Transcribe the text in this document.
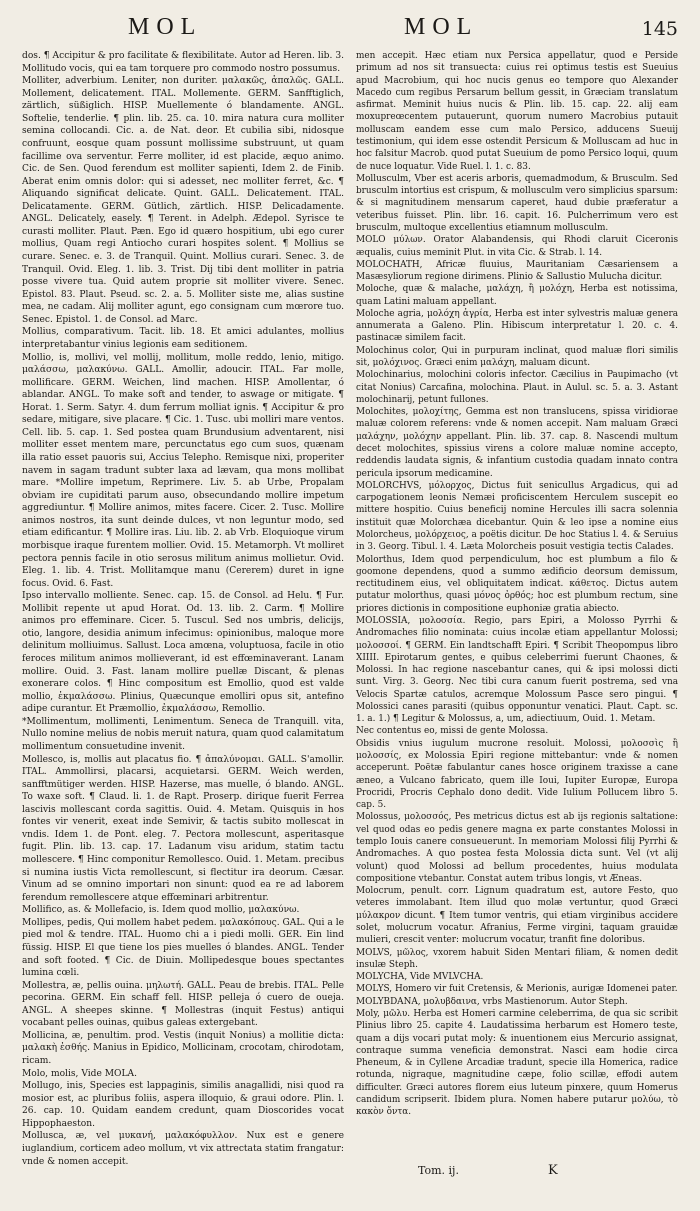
MOL	MOL	145

dos. ¶ Accipitur & pro facilitate & flexibilitate. Autor ad Heren. lib. 3. Mollitudo vocis, qui ea tam torquere pro commodo nostro possumus.

Molliter, adverbium. Leniter, non duriter. μαλακῶς, ἁπαλῶς. GALL. Mollement, delicatement. ITAL. Mollemente. GERM. Sanfftiglich, zärtlich, süßiglich. HISP. Muellemente ó blandamente. ANGL. Softelie, tenderlie. ¶ plin. lib. 25. ca. 10. mira natura cura molliter semina collocandi. Cic. a. de Nat. deor. Et cubilia sibi, nidosque confruunt, eosque quam possunt mollissime substruunt, ut quam facillime ova serventur. Ferre molliter, id est placide, æquo animo. Cic. de Sen. Quod ferendum est molliter sapienti, Idem 2. de Finib. Aberat enim omnis dolor: qui si adesset, nec molliter ferret, &c. ¶ Aliquando significat delicate. Quint. GALL. Delicatement. ITAL. Delicatamente. GERM. Gütlich, zärtlich. HISP. Delicadamente. ANGL. Delicately, easely. ¶ Terent. in Adelph. Ædepol. Syrisce te curasti molliter. Plaut. Pæn. Ego id quæro hospitium, ubi ego curer mollius, Quam regi Antiocho curari hospites solent. ¶ Mollius se curare. Senec. e. 3. de Tranquil. Quint. Mollius curari. Senec. 3. de Tranquil. Ovid. Eleg. 1. lib. 3. Trist. Dij tibi dent molliter in patria posse vivere tua. Quid autem proprie sit molliter vivere. Senec. Epistol. 83. Plaut. Pseud. sc. 2. a. 5. Molliter siste me, alias sustine mea, ne cadam. Alij molliter agunt, ego consignam cum mœrore tuo. Senec. Epistol. 1. de Consol. ad Marc.

Mollius, comparativum. Tacit. lib. 18. Et amici adulantes, mollius interpretabantur vinius legionis eam seditionem.

Mollio, is, mollivi, vel mollij, mollitum, molle reddo, lenio, mitigo. μαλάσσω, μαλακύνω. GALL. Amollir, adoucir. ITAL. Far molle, mollificare. GERM. Weichen, lind machen. HISP. Amollentar, ó ablandar. ANGL. To make soft and tender, to aswage or mitigate. ¶ Horat. 1. Serm. Satyr. 4. dum ferrum molliat ignis. ¶ Accipitur & pro sedare, mitigare, sive placare. ¶ Cic. 1. Tusc. ubi molliri mare ventos. Cell. lib. 5. cap. 1. Sed postea quam Brundusium adventarent, nisi molliter esset mentem mare, percunctatus ego cum suos, quænam illa ratio esset pauoris sui, Accius Telepho. Remisque nixi, properiter navem in sagam tradunt subter laxa ad lævam, qua mons mollibat mare. *Mollire impetum, Reprimere. Liv. 5. ab Urbe, Propalam obviam ire cupiditati parum auso, obsecundando mollire impetum aggrediuntur. ¶ Mollire animos, mites facere. Cicer. 2. Tusc. Mollire animos nostros, ita sunt deinde dulces, vt non leguntur modo, sed etiam edificantur. ¶ Mollire iras. Liu. lib. 2. ab Vrb. Eloquioque virum morbisque iraque furentem mollier. Ovid. 15. Metamorph. Vt molliret pectora pennis facile in otio serosus militum animus mollietur. Ovid. Eleg. 1. lib. 4. Trist. Mollitamque manu (Cererem) duret in igne focus. Ovid. 6. Fast.

Ipso intervallo molliente. Senec. cap. 15. de Consol. ad Helu. ¶ Fur. Mollibit repente ut apud Horat. Od. 13. lib. 2. Carm. ¶ Mollire animos pro effeminare. Cicer. 5. Tuscul. Sed nos umbris, delicijs, otio, langore, desidia animum infecimus: opinionibus, maloque more delinitum molliuimus. Sallust. Loca amœna, voluptuosa, facile in otio feroces militum animos mollieverant, id est effœminaverant. Lanam mollire. Ouid. 3. Fast. lanam mollire puellæ Discant, & plenas exonerare colos. ¶ Hinc compositum est Emollio, quod est valde mollio, ἐκμαλάσσω. Plinius, Quæcunque emolliri opus sit, antefino adipe curantur. Et Præmollio, ἐκμαλάσσω, Remollio.

*Mollimentum, mollimenti, Lenimentum. Seneca de Tranquill. vita, Nullo nomine melius de nobis meruit natura, quam quod calamitatum mollimentum consuetudine invenit.

Mollesco, is, mollis aut placatus fio. ¶ ἀπαλύνομαι. GALL. S'amollir. ITAL. Ammollirsi, placarsi, acquietarsi. GERM. Weich werden, sanfftmütiger werden. HISP. Hazerse, mas muelle, ó blando. ANGL. To waxe soft. ¶ Claud. li. 1. de Rapt. Proserp. dirique fuerit Ferrea lascivis mollescant corda sagittis. Ouid. 4. Metam. Quisquis in hos fontes vir venerit, exeat inde Semivir, & tactis subito mollescat in vndis. Idem 1. de Pont. eleg. 7. Pectora mollescunt, asperitasque fugit. Plin. lib. 13. cap. 17. Ladanum visu aridum, statim tactu mollescere. ¶ Hinc componitur Remollesco. Ouid. 1. Metam. precibus si numina iustis Victa remollescunt, si flectitur ira deorum. Cæsar. Vinum ad se omnino importari non sinunt: quod ea re ad laborem ferendum remollescere atque effœminari arbitrentur.

Mollifico, as. & Mollefacio, is. Idem quod mollio, μαλακύνω.

Mollipes, pedis, Qui mollem habet pedem. μαλακόπους. GAL. Qui a le pied mol & tendre. ITAL. Huomo chi a i piedi molli. GER. Ein lind füssig. HISP. El que tiene los pies muelles ó blandes. ANGL. Tender and soft footed. ¶ Cic. de Diuin. Mollipedesque boues spectantes lumina cœli.

Mollestra, æ, pellis ouina. μηλωτή. GALL. Peau de brebis. ITAL. Pelle pecorina. GERM. Ein schaff fell. HISP. pelleja ó cuero de oueja. ANGL. A sheepes skinne. ¶ Mollestras (inquit Festus) antiqui vocabant pelles ouinas, quibus galeas extergebant.

Mollicina, æ, penultim. prod. Vestis (inquit Nonius) a mollitie dicta: μαλακὴ ἐσθής. Manius in Epidico, Mollicinam, crocotam, chirodotam, ricam.

Molo, molis, Vide MOLA.

Mollugo, inis, Species est lappaginis, similis anagallidi, nisi quod ra mosior est, ac pluribus foliis, aspera illoquio, & graui odore. Plin. l. 26. cap. 10. Quidam eandem credunt, quam Dioscorides vocat Hippophaeston.

Mollusca, æ, vel μυκανή, μαλακόφυλλον. Nux est e genere iuglandium, corticem adeo mollum, vt vix attrectata statim frangatur: vnde & nomen accepit.

men accepit. Hæc etiam nux Persica appellatur, quod e Perside primum ad nos sit transuecta: cuius rei optimus testis est Sueuius apud Macrobium, qui hoc nucis genus eo tempore quo Alexander Macedo cum regibus Persarum bellum gessit, in Græciam translatum asfirmat. Meminit huius nucis & Plin. lib. 15. cap. 22. alij eam moxupreœcentem putauerunt, quorum numero Macrobius putauit molluscam eandem esse cum malo Persico, adducens Sueuij testimonium, qui idem esse ostendit Persicum & Molluscam ad huc in hoc falsitur Macrob. quod putat Sueuium de pomo Persico loqui, quum de nuce loquatur. Vide Ruel. l. 1. c. 83.

Mollusculm, Vber est aceris arboris, quemadmodum, & Brusculm. Sed brusculm intortius est crispum, & mollusculm vero simplicius sparsum: & si magnitudinem mensarum caperet, haud dubie præferatur a veteribus fuisset. Plin. libr. 16. capit. 16. Pulcherrimum vero est brusculm, multoque excellentius etiamnum mollusculm.

MOLO μύλων. Orator Alabandensis, qui Rhodi claruit Ciceronis æqualis, cuius meminit Plut. in vita Cic. & Strab. l. 14.

MOLOCHATH, Africæ fluuius, Mauritaniam Cæsariensem a Masæsyliorum regione dirimens. Plinio & Sallustio Mulucha dicitur.

Moloche, quæ & malache, μαλάχη, ἢ μολόχη, Herba est notissima, quam Latini maluam appellant.

Moloche agria, μολόχη ἀγρία, Herba est inter sylvestris maluæ genera annumerata a Galeno. Plin. Hibiscum interpretatur l. 20. c. 4. pastinacæ similem facit.

Molochinus color, Qui in purpuram inclinat, quod maluæ flori similis sit, μολόχινος. Græci enim μαλάχη, maluam dicunt.

Molochinarius, molochini coloris infector. Cæcilius in Paupimacho (vt citat Nonius) Carcafina, molochina. Plaut. in Aulul. sc. 5. a. 3. Astant molochinarij, petunt fullones.

Molochites, μολοχίτης, Gemma est non translucens, spissa viridiorae maluæ colorem referens: vnde & nomen accepit. Nam maluam Græci μαλάχην, μολόχην appellant. Plin. lib. 37. cap. 8. Nascendi multum decet molochites, spissius virens a colore maluæ nomine accepto, reddendis laudata signis, & infantium custodia quadam innato contra pericula ipsorum medicamine.

MOLORCHVS, μόλορχος, Dictus fuit senicullus Argadicus, qui ad carpogationem leonis Nemæi proficiscentem Herculem suscepit eo mittere hospitio. Cuius beneficij nomine Hercules illi sacra solennia instituit quæ Molorchæa dicebantur. Quin & leo ipse a nomine eius Molorcheus, μολόρχειος, a poëtis dicitur. De hoc Statius l. 4. & Seruius in 3. Georg. Tibul. l. 4. Læta Molorcheis posuit vestigia tectis Calades.

Molorthus, Idem quod perpendiculum, hoc est plumbum a filo & goomone dependens, quod a summo ædificio deorsum demissum, rectitudinem eius, vel obliquitatem indicat. κάθετος. Dictus autem putatur molorthus, quasi μόνος ὀρθός; hoc est plumbum rectum, sine priores dictionis in compositione euphoniæ gratia abiecto.

MOLOSSIA, μολοσσία. Regio, pars Epiri, a Molosso Pyrrhi & Andromaches filio nominata: cuius incolæ etiam appellantur Molossi; μολοσσοί. ¶ GERM. Ein landtschafft Epiri. ¶ Scribit Theopompus libro XIIII. Epirotarum gentes, e quibus celeberrimi fuerunt Chaones, & Molossi. In hac regione nascebantur canes, qui & ipsi molossi dicti sunt. Virg. 3. Georg. Nec tibi cura canum fuerit postrema, sed vna Velocis Spartæ catulos, acremque Molossum Pasce sero pingui. ¶ Molossici canes parasiti (quibus opponuntur venatici. Plaut. Capt. sc. 1. a. 1.) ¶ Legitur & Molossus, a, um, adiectiuum, Ouid. 1. Metam.

Nec contentus eo, missi de gente Molossa.

Obsidis vnius iugulum mucrone resoluit. Molossi, μολοσσὶς ἢ μολοσσίς, ex Molossia Epiri regione mittebantur: vnde & nomen acceperunt. Poëtæ fabulantur canes hosce originem traxisse a cane æneo, a Vulcano fabricato, quem ille Ioui, Iupiter Europæ, Europa Procridi, Procris Cephalo dono dedit. Vide Iulium Pollucem libro 5. cap. 5.

Molossus, μολοσσός, Pes metricus dictus est ab ijs regionis saltatione: vel quod odas eo pedis genere magna ex parte constantes Molossi in templo Iouis canere consueuerunt. In memoriam Molossi filij Pyrrhi & Andromaches. A quo postea festa Molossia dicta sunt. Vel (vt alij volunt) quod Molossi ad bellum procedentes, huius modulata compositione vtebantur. Constat autem tribus longis, vt Æneas.

Molocrum, penult. corr. Lignum quadratum est, autore Festo, quo veteres immolabant. Item illud quo molæ vertuntur, quod Græci μύλακρον dicunt. ¶ Item tumor ventris, qui etiam virginibus accidere solet, molucrum vocatur. Afranius, Ferme virgini, taquam grauidæ mulieri, crescit venter: molucrum vocatur, tranfit fine doloribus.

MOLVS, μῶλος, vxorem habuit Siden Mentari filiam, & nomen dedit insulæ Steph.

MOLYCHA, Vide MVLVCHA.

MOLYS, Homero vir fuit Cretensis, & Merionis, aurigæ Idomenei pater.

MOLYBDANA, μολυβδαινα, vrbs Mastienorum. Autor Steph.

Moly, μῶλυ. Herba est Homeri carmine celeberrima, de qua sic scribit Plinius libro 25. capite 4. Laudatissima herbarum est Homero teste, quam a dijs vocari putat moly: & inuentionem eius Mercurio assignat, contraque summa veneficia demonstrat. Nasci eam hodie circa Pheneum, & in Cyllene Arcadiæ tradunt, specie illa Homerica, radice rotunda, nigraque, magnitudine cæpe, folio scillæ, effodi autem difficulter. Græci autores florem eius luteum pinxere, quum Homerus candidum scripserit. Ibidem plura. Nomen habere putarur μολύω, τὸ κακὸν ὄντα.

Tom. ij.	K
